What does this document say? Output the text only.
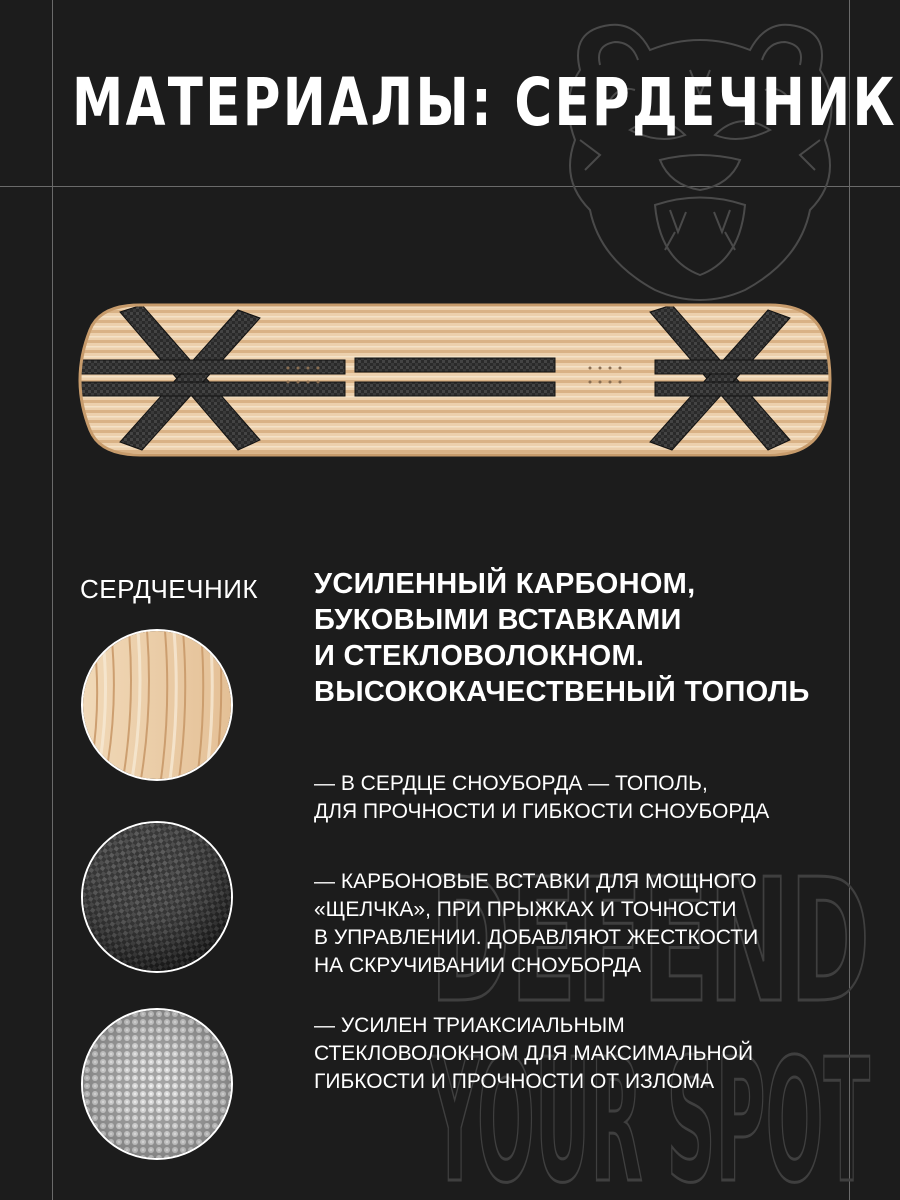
DEFEND
YOUR SPOT
МАТЕРИАЛЫ: СЕРДЕЧНИК
СЕРДЧЕЧНИК УСИЛЕННЫЙ КАРБОНОМ,
БУКОВЫМИ ВСТАВКАМИ
И СТЕКЛОВОЛОКНОМ.
ВЫСОКОКАЧЕСТВЕНЫЙ ТОПОЛЬ

— В СЕРДЦЕ СНОУБОРДА — ТОПОЛЬ,
ДЛЯ ПРОЧНОСТИ И ГИБКОСТИ СНОУБОРДА

— КАРБОНОВЫЕ ВСТАВКИ ДЛЯ МОЩНОГО
«ЩЕЛЧКА», ПРИ ПРЫЖКАХ И ТОЧНОСТИ
В УПРАВЛЕНИИ. ДОБАВЛЯЮТ ЖЕСТКОСТИ
НА СКРУЧИВАНИИ СНОУБОРДА

— УСИЛЕН ТРИАКСИАЛЬНЫМ
СТЕКЛОВОЛОКНОМ ДЛЯ МАКСИМАЛЬНОЙ
ГИБКОСТИ И ПРОЧНОСТИ ОТ ИЗЛОМА
